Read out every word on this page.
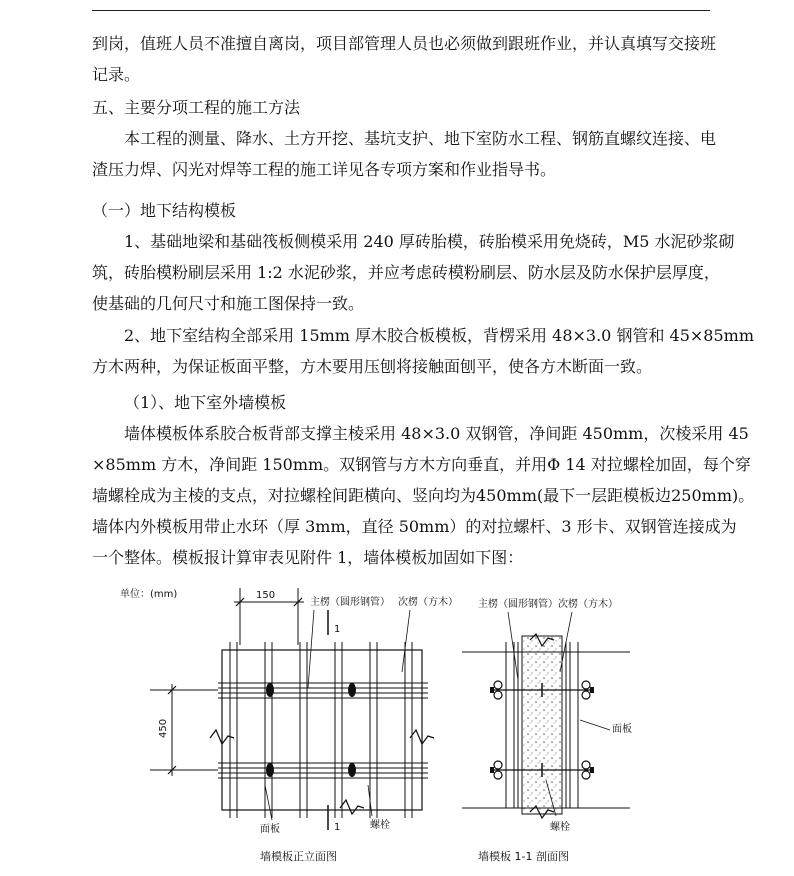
到岗，值班人员不准擅自离岗，项目部管理人员也必须做到跟班作业，并认真填写交接班
记录。

五、主要分项工程的施工方法

本工程的测量、降水、土方开挖、基坑支护、地下室防水工程、钢筋直螺纹连接、电
渣压力焊、闪光对焊等工程的施工详见各专项方案和作业指导书。

（一）地下结构模板

1、基础地梁和基础筏板侧模采用 240 厚砖胎模，砖胎模采用免烧砖，M5 水泥砂浆砌
筑，砖胎模粉刷层采用 1:2 水泥砂浆，并应考虑砖模粉刷层、防水层及防水保护层厚度，
使基础的几何尺寸和施工图保持一致。

2、地下室结构全部采用 15mm 厚木胶合板模板，背楞采用 48×3.0 钢管和 45×85mm
方木两种，为保证板面平整，方木要用压刨将接触面刨平，使各方木断面一致。

（1）、地下室外墙模板

墙体模板体系胶合板背部支撑主棱采用 48×3.0 双钢管，净间距 450mm，次棱采用 45
×85mm 方木，净间距 150mm。双钢管与方木方向垂直，并用Φ 14 对拉螺栓加固，每个穿
墙螺栓成为主棱的支点，对拉螺栓间距横向、竖向均为450mm(最下一层距模板边250mm)。
墙体内外模板用带止水环（厚 3mm，直径 50mm）的对拉螺杆、3 形卡、双钢管连接成为
一个整体。模板报计算审表见附件 1，墙体模板加固如下图：

单位：(mm)	150
主楞（圆形钢管） 次楞（方木）
1
1
450
面板	螺栓
墙模板正立面图
主楞（圆形钢管）次楞（方木）
面板
螺栓
墙模板 1-1 剖面图
